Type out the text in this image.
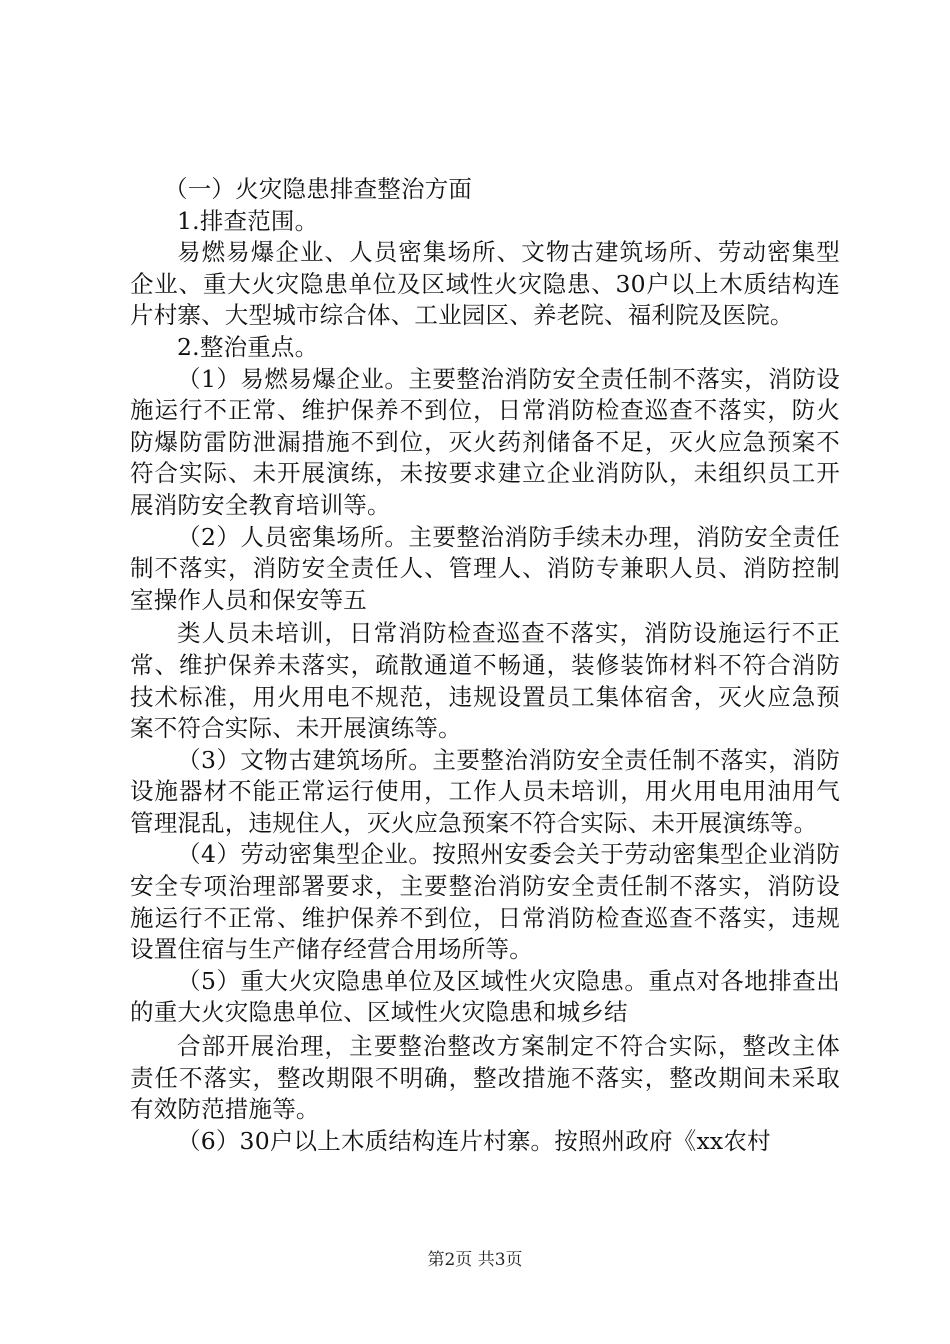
（一）火灾隐患排查整治方面

1.排查范围。

易燃易爆企业、人员密集场所、文物古建筑场所、劳动密集型企业、重大火灾隐患单位及区域性火灾隐患、30户以上木质结构连片村寨、大型城市综合体、工业园区、养老院、福利院及医院。

2.整治重点。

（1）易燃易爆企业。主要整治消防安全责任制不落实，消防设施运行不正常、维护保养不到位，日常消防检查巡查不落实，防火防爆防雷防泄漏措施不到位，灭火药剂储备不足，灭火应急预案不符合实际、未开展演练，未按要求建立企业消防队，未组织员工开展消防安全教育培训等。

（2）人员密集场所。主要整治消防手续未办理，消防安全责任制不落实，消防安全责任人、管理人、消防专兼职人员、消防控制室操作人员和保安等五

类人员未培训，日常消防检查巡查不落实，消防设施运行不正常、维护保养未落实，疏散通道不畅通，装修装饰材料不符合消防技术标准，用火用电不规范，违规设置员工集体宿舍，灭火应急预案不符合实际、未开展演练等。

（3）文物古建筑场所。主要整治消防安全责任制不落实，消防设施器材不能正常运行使用，工作人员未培训，用火用电用油用气管理混乱，违规住人，灭火应急预案不符合实际、未开展演练等。

（4）劳动密集型企业。按照州安委会关于劳动密集型企业消防安全专项治理部署要求，主要整治消防安全责任制不落实，消防设施运行不正常、维护保养不到位，日常消防检查巡查不落实，违规设置住宿与生产储存经营合用场所等。

（5）重大火灾隐患单位及区域性火灾隐患。重点对各地排查出的重大火灾隐患单位、区域性火灾隐患和城乡结

合部开展治理，主要整治整改方案制定不符合实际，整改主体责任不落实，整改期限不明确，整改措施不落实，整改期间未采取有效防范措施等。

（6）30户以上木质结构连片村寨。按照州政府《xx农村

第2页 共3页
